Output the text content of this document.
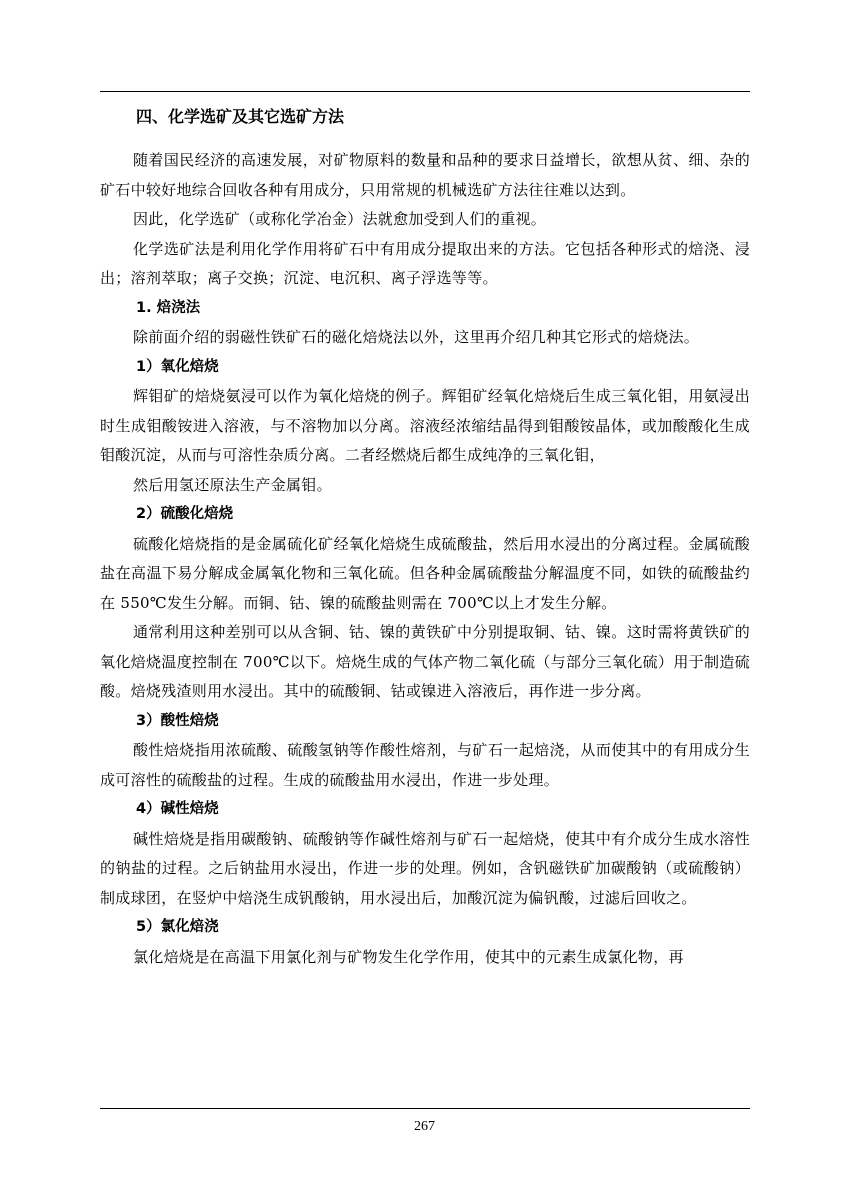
四、化学选矿及其它选矿方法

随着国民经济的高速发展，对矿物原料的数量和品种的要求日益增长，欲想从贫、细、杂的矿石中较好地综合回收各种有用成分，只用常规的机械选矿方法往往难以达到。

因此，化学选矿（或称化学冶金）法就愈加受到人们的重视。

化学选矿法是利用化学作用将矿石中有用成分提取出来的方法。它包括各种形式的焙浇、浸出；溶剂萃取；离子交换；沉淀、电沉积、离子浮选等等。

1. 焙浇法

除前面介绍的弱磁性铁矿石的磁化焙烧法以外，这里再介绍几种其它形式的焙烧法。

1）氧化焙烧

辉钼矿的焙烧氨浸可以作为氧化焙烧的例子。辉钼矿经氧化焙烧后生成三氧化钼，用氨浸出时生成钼酸铵进入溶液，与不溶物加以分离。溶液经浓缩结晶得到钼酸铵晶体，或加酸酸化生成钼酸沉淀，从而与可溶性杂质分离。二者经燃烧后都生成纯净的三氧化钼，

然后用氢还原法生产金属钼。

2）硫酸化焙烧

硫酸化焙烧指的是金属硫化矿经氧化焙烧生成硫酸盐，然后用水浸出的分离过程。金属硫酸盐在高温下易分解成金属氧化物和三氧化硫。但各种金属硫酸盐分解温度不同，如铁的硫酸盐约在 550℃发生分解。而铜、钴、镍的硫酸盐则需在 700℃以上才发生分解。

通常利用这种差别可以从含铜、钴、镍的黄铁矿中分别提取铜、钴、镍。这时需将黄铁矿的氧化焙烧温度控制在 700℃以下。焙烧生成的气体产物二氧化硫（与部分三氧化硫）用于制造硫酸。焙烧残渣则用水浸出。其中的硫酸铜、钴或镍进入溶液后，再作进一步分离。

3）酸性焙烧

酸性焙烧指用浓硫酸、硫酸氢钠等作酸性熔剂，与矿石一起焙浇，从而使其中的有用成分生成可溶性的硫酸盐的过程。生成的硫酸盐用水浸出，作进一步处理。

4）碱性焙烧

碱性焙烧是指用碳酸钠、硫酸钠等作碱性熔剂与矿石一起焙烧，使其中有介成分生成水溶性的钠盐的过程。之后钠盐用水浸出，作进一步的处理。例如，含钒磁铁矿加碳酸钠（或硫酸钠）制成球团，在竖炉中焙浇生成钒酸钠，用水浸出后，加酸沉淀为偏钒酸，过滤后回收之。

5）氯化焙浇

氯化焙烧是在高温下用氯化剂与矿物发生化学作用，使其中的元素生成氯化物，再

267
